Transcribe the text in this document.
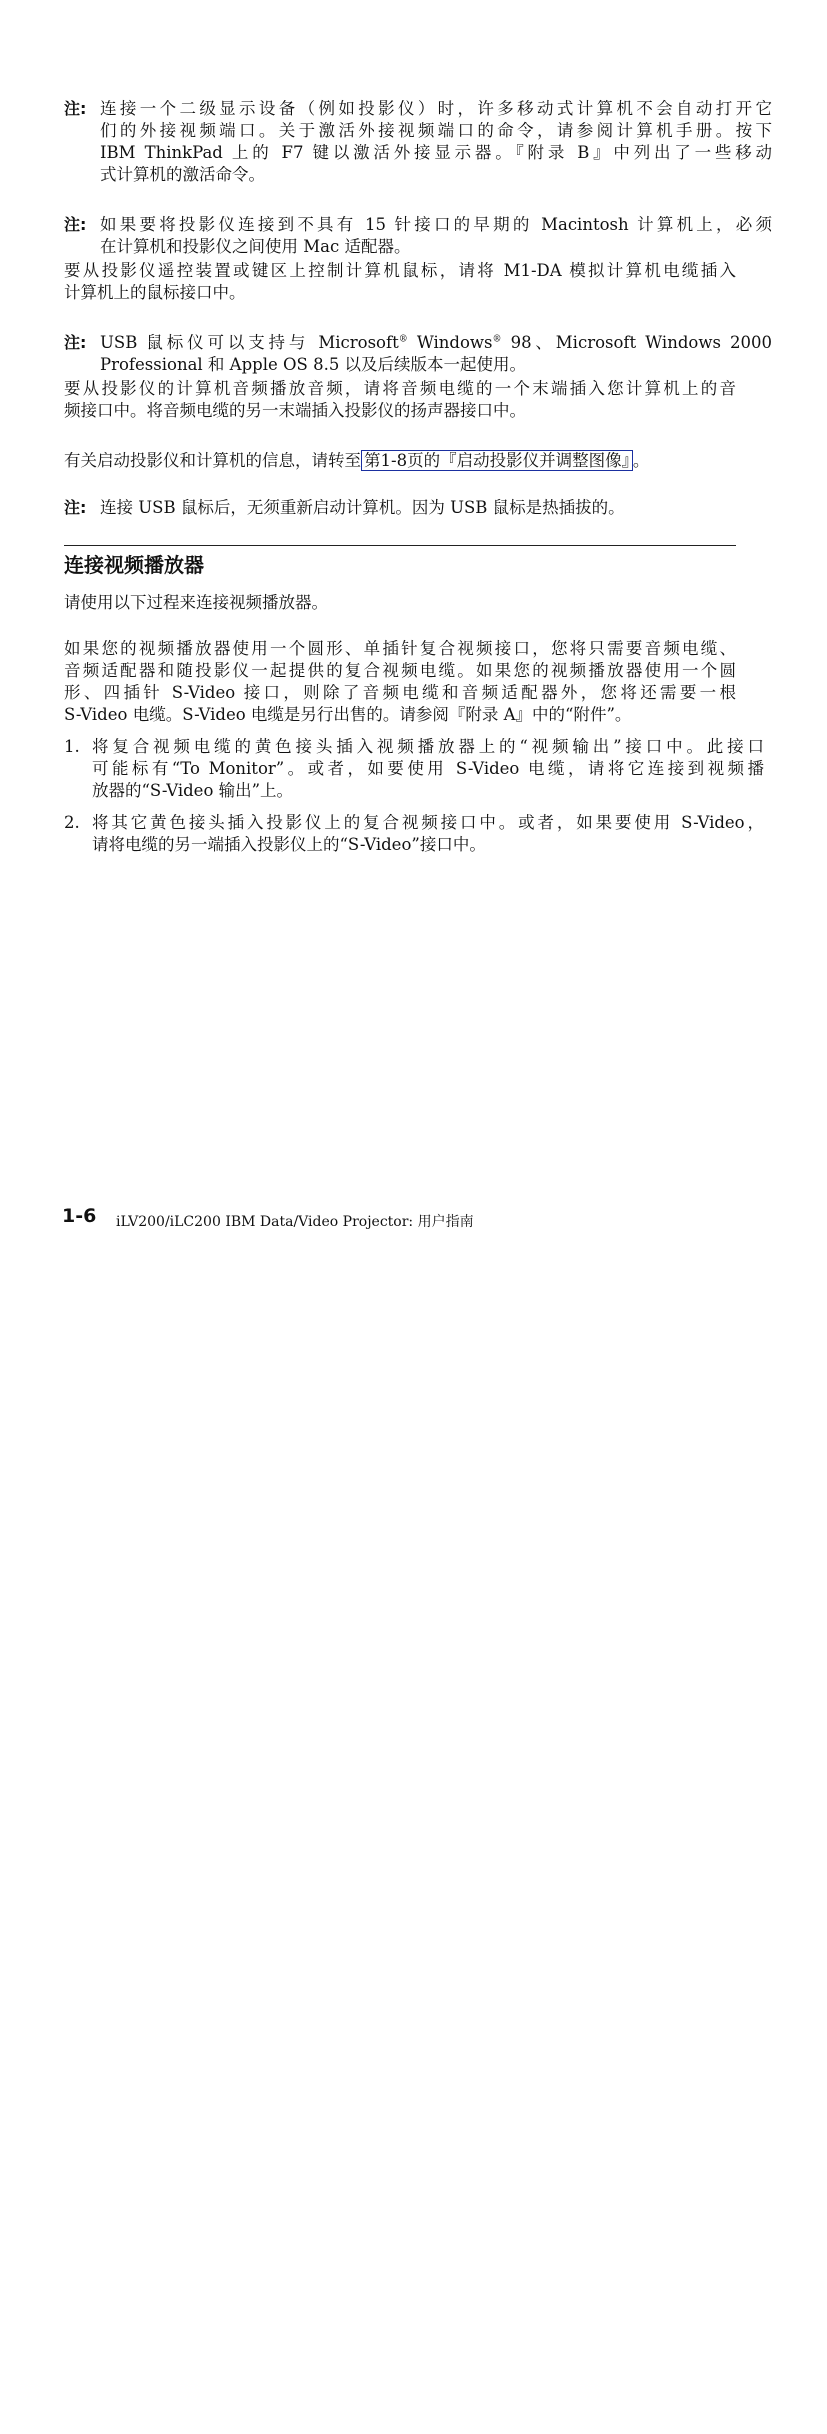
注: 连接一个二级显示设备（例如投影仪）时，许多移动式计算机不会自动打开它
们的外接视频端口。关于激活外接视频端口的命令，请参阅计算机手册。按下
IBM ThinkPad 上的 F7 键以激活外接显示器。『附录 B』中列出了一些移动
式计算机的激活命令。
注: 如果要将投影仪连接到不具有 15 针接口的早期的 Macintosh 计算机上，必须
在计算机和投影仪之间使用 Mac 适配器。
要从投影仪遥控装置或键区上控制计算机鼠标，请将 M1-DA 模拟计算机电缆插入
计算机上的鼠标接口中。
注: USB 鼠标仪可以支持与 Microsoft® Windows® 98、Microsoft Windows 2000
Professional 和 Apple OS 8.5 以及后续版本一起使用。
要从投影仪的计算机音频播放音频，请将音频电缆的一个末端插入您计算机上的音
频接口中。将音频电缆的另一末端插入投影仪的扬声器接口中。
有关启动投影仪和计算机的信息，请转至 第1-8页的『启动投影仪并调整图像』 。
注: 连接 USB 鼠标后，无须重新启动计算机。因为 USB 鼠标是热插拔的。
连接视频播放器
请使用以下过程来连接视频播放器。
如果您的视频播放器使用一个圆形、单插针复合视频接口，您将只需要音频电缆、
音频适配器和随投影仪一起提供的复合视频电缆。如果您的视频播放器使用一个圆
形、四插针 S-Video 接口，则除了音频电缆和音频适配器外，您将还需要一根
S-Video 电缆。S-Video 电缆是另行出售的。请参阅『附录 A』中的“附件”。
1. 将复合视频电缆的黄色接头插入视频播放器上的“视频输出”接口中。此接口
可能标有“To Monitor”。或者，如要使用 S-Video 电缆，请将它连接到视频播
放器的“S-Video 输出”上。
2. 将其它黄色接头插入投影仪上的复合视频接口中。或者，如果要使用 S-Video，
请将电缆的另一端插入投影仪上的“S-Video”接口中。
1-6 iLV200/iLC200 IBM Data/Video Projector: 用户指南
